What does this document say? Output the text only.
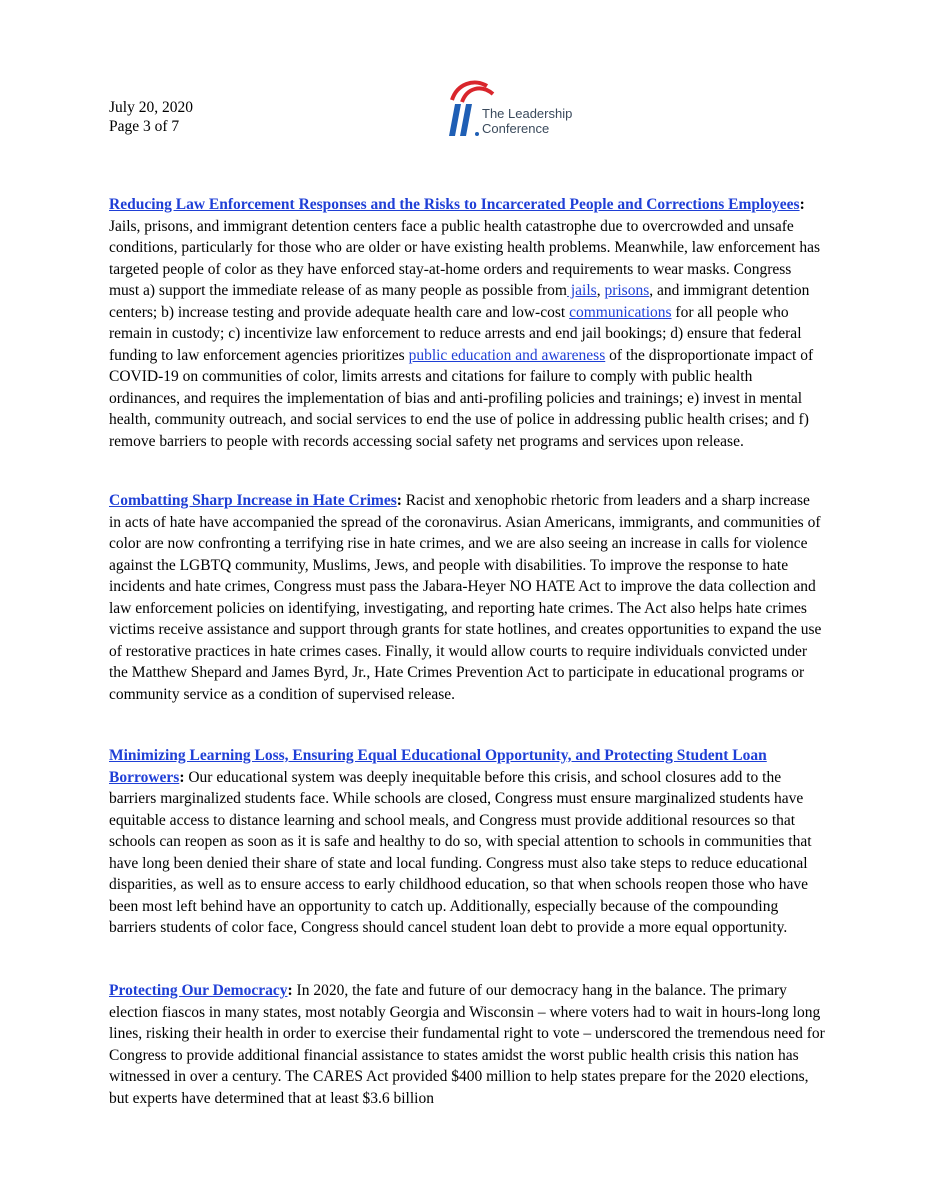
July 20, 2020
Page 3 of 7
The Leadership
Conference
Reducing Law Enforcement Responses and the Risks to Incarcerated People and Corrections Employees: Jails, prisons, and immigrant detention centers face a public health catastrophe due to overcrowded and unsafe conditions, particularly for those who are older or have existing health problems. Meanwhile, law enforcement has targeted people of color as they have enforced stay-at-home orders and requirements to wear masks. Congress must a) support the immediate release of as many people as possible from jails, prisons, and immigrant detention centers; b) increase testing and provide adequate health care and low-cost communications for all people who remain in custody; c) incentivize law enforcement to reduce arrests and end jail bookings; d) ensure that federal funding to law enforcement agencies prioritizes public education and awareness of the disproportionate impact of COVID-19 on communities of color, limits arrests and citations for failure to comply with public health ordinances, and requires the implementation of bias and anti-profiling policies and trainings; e) invest in mental health, community outreach, and social services to end the use of police in addressing public health crises; and f) remove barriers to people with records accessing social safety net programs and services upon release.
Combatting Sharp Increase in Hate Crimes: Racist and xenophobic rhetoric from leaders and a sharp increase in acts of hate have accompanied the spread of the coronavirus. Asian Americans, immigrants, and communities of color are now confronting a terrifying rise in hate crimes, and we are also seeing an increase in calls for violence against the LGBTQ community, Muslims, Jews, and people with disabilities. To improve the response to hate incidents and hate crimes, Congress must pass the Jabara-Heyer NO HATE Act to improve the data collection and law enforcement policies on identifying, investigating, and reporting hate crimes. The Act also helps hate crimes victims receive assistance and support through grants for state hotlines, and creates opportunities to expand the use of restorative practices in hate crimes cases. Finally, it would allow courts to require individuals convicted under the Matthew Shepard and James Byrd, Jr., Hate Crimes Prevention Act to participate in educational programs or community service as a condition of supervised release.
Minimizing Learning Loss, Ensuring Equal Educational Opportunity, and Protecting Student Loan Borrowers: Our educational system was deeply inequitable before this crisis, and school closures add to the barriers marginalized students face. While schools are closed, Congress must ensure marginalized students have equitable access to distance learning and school meals, and Congress must provide additional resources so that schools can reopen as soon as it is safe and healthy to do so, with special attention to schools in communities that have long been denied their share of state and local funding. Congress must also take steps to reduce educational disparities, as well as to ensure access to early childhood education, so that when schools reopen those who have been most left behind have an opportunity to catch up. Additionally, especially because of the compounding barriers students of color face, Congress should cancel student loan debt to provide a more equal opportunity.
Protecting Our Democracy: In 2020, the fate and future of our democracy hang in the balance. The primary election fiascos in many states, most notably Georgia and Wisconsin – where voters had to wait in hours-long long lines, risking their health in order to exercise their fundamental right to vote – underscored the tremendous need for Congress to provide additional financial assistance to states amidst the worst public health crisis this nation has witnessed in over a century. The CARES Act provided $400 million to help states prepare for the 2020 elections, but experts have determined that at least $3.6 billion
